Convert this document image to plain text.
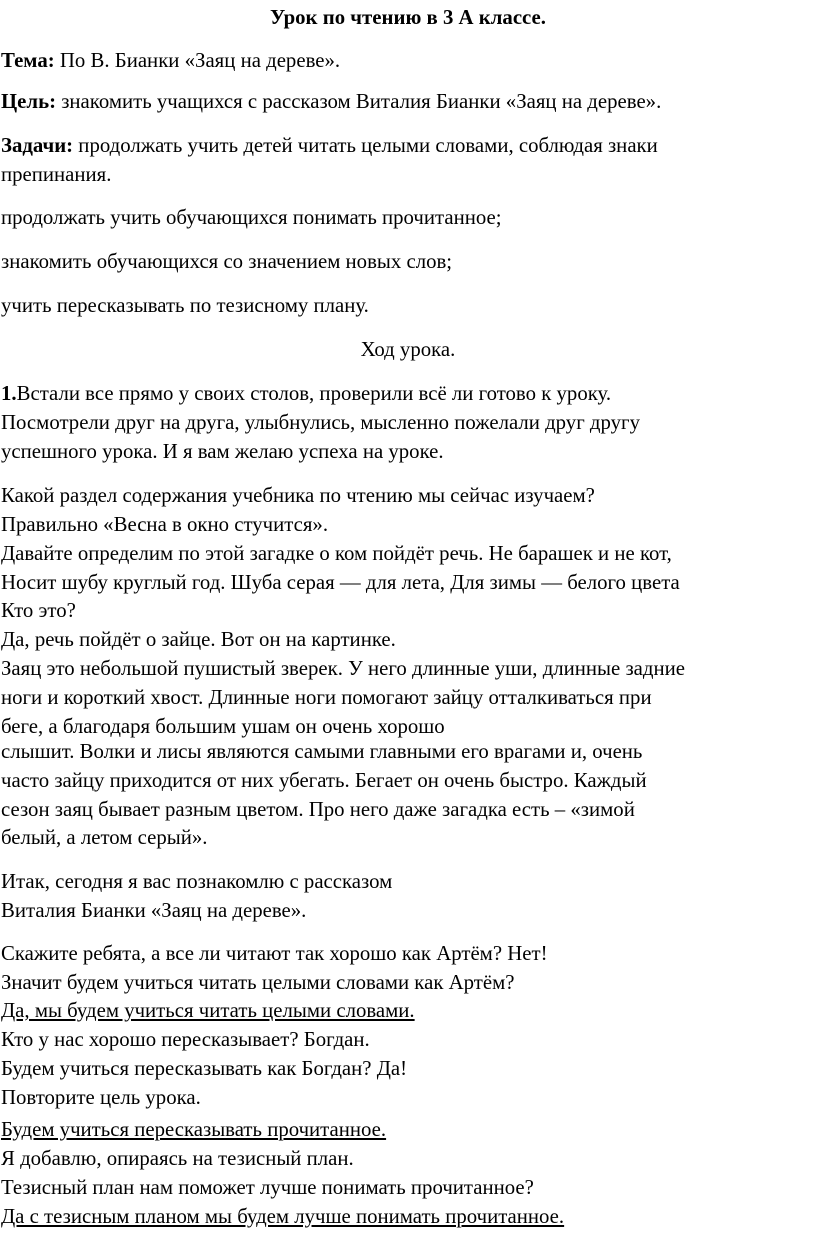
Урок по чтению в 3 А классе.

Тема: По В. Бианки «Заяц на дереве».

Цель: знакомить учащихся с рассказом Виталия Бианки «Заяц на дереве».

Задачи: продолжать учить детей читать целыми словами, соблюдая знаки

препинания.

продолжать учить обучающихся понимать прочитанное;

знакомить обучающихся со значением новых слов;

учить пересказывать по тезисному плану.

Ход урока.

1.Встали все прямо у своих столов, проверили всё ли готово к уроку.

Посмотрели друг на друга, улыбнулись, мысленно пожелали друг другу

успешного урока. И я вам желаю успеха на уроке.

Какой раздел содержания учебника по чтению мы сейчас изучаем?

Правильно «Весна в окно стучится».

Давайте определим по этой загадке о ком пойдёт речь. Не барашек и не кот,

Носит шубу круглый год. Шуба серая — для лета, Для зимы — белого цвета

Кто это?

Да, речь пойдёт о зайце. Вот он на картинке.

Заяц это небольшой пушистый зверек. У него длинные уши, длинные задние

ноги и короткий хвост. Длинные ноги помогают зайцу отталкиваться при

беге, а благодаря большим ушам он очень хорошо

слышит. Волки и лисы являются самыми главными его врагами и, очень

часто зайцу приходится от них убегать. Бегает он очень быстро. Каждый

сезон заяц бывает разным цветом. Про него даже загадка есть – «зимой

белый, а летом серый».

Итак, сегодня я вас познакомлю с рассказом

Виталия Бианки «Заяц на дереве».

Скажите ребята, а все ли читают так хорошо как Артём? Нет!

Значит будем учиться читать целыми словами как Артём?

Да, мы будем учиться читать целыми словами.

Кто у нас хорошо пересказывает? Богдан.

Будем учиться пересказывать как Богдан? Да!

Повторите цель урока.

Будем учиться пересказывать прочитанное.

Я добавлю, опираясь на тезисный план.

Тезисный план нам поможет лучше понимать прочитанное?

Да с тезисным планом мы будем лучше понимать прочитанное.
